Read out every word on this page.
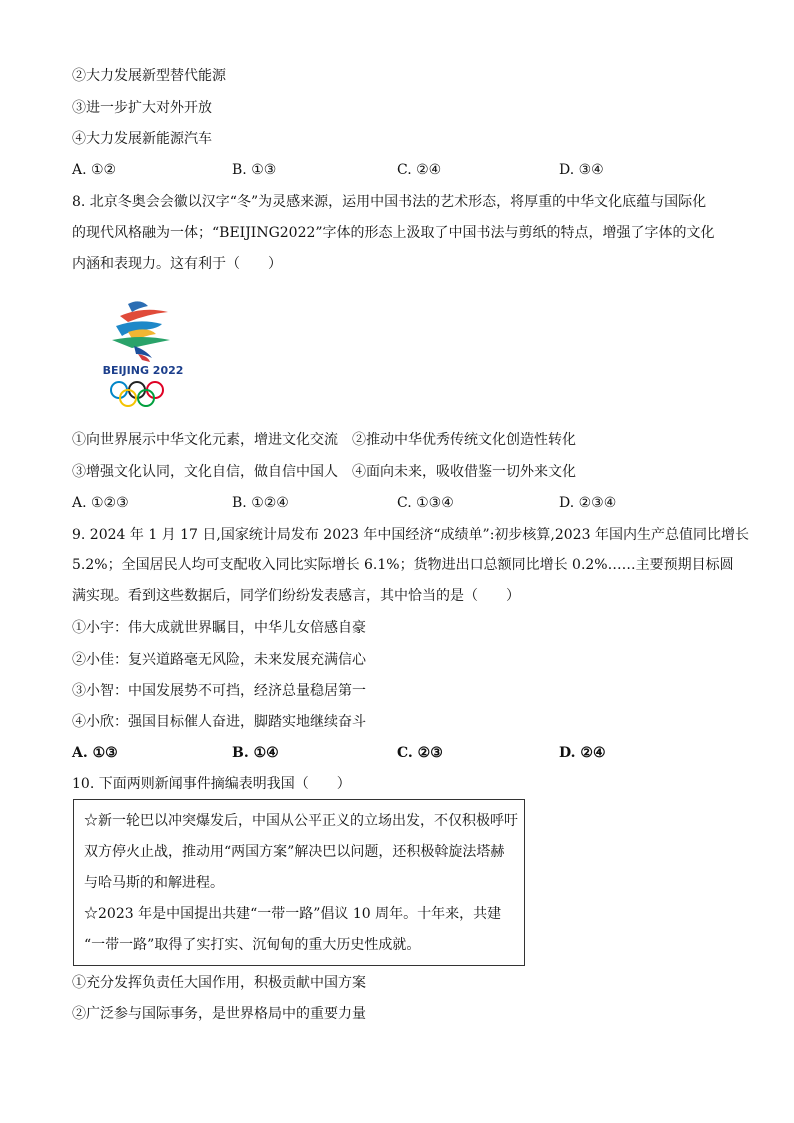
②大力发展新型替代能源
③进一步扩大对外开放
④大力发展新能源汽车
A. ①②	B. ①③	C. ②④	D. ③④
8. 北京冬奥会会徽以汉字“冬”为灵感来源，运用中国书法的艺术形态，将厚重的中华文化底蕴与国际化
的现代风格融为一体；“BEIJING2022”字体的形态上汲取了中国书法与剪纸的特点，增强了字体的文化
内涵和表现力。这有利于（　　）
BEIJING 2022
①向世界展示中华文化元素，增进文化交流　②推动中华优秀传统文化创造性转化
③增强文化认同，文化自信，做自信中国人　④面向未来，吸收借鉴一切外来文化
A. ①②③	B. ①②④	C. ①③④	D. ②③④
9. 2024 年 1 月 17 日,国家统计局发布 2023 年中国经济“成绩单”:初步核算,2023 年国内生产总值同比增长
5.2%；全国居民人均可支配收入同比实际增长 6.1%；货物进出口总额同比增长 0.2%……主要预期目标圆
满实现。看到这些数据后，同学们纷纷发表感言，其中恰当的是（　　）
①小宇：伟大成就世界瞩目，中华儿女倍感自豪
②小佳：复兴道路毫无风险，未来发展充满信心
③小智：中国发展势不可挡，经济总量稳居第一
④小欣：强国目标催人奋进，脚踏实地继续奋斗
A. ①③	B. ①④	C. ②③	D. ②④
10. 下面两则新闻事件摘编表明我国（　　）
☆新一轮巴以冲突爆发后，中国从公平正义的立场出发，不仅积极呼吁
双方停火止战，推动用“两国方案”解决巴以问题，还积极斡旋法塔赫
与哈马斯的和解进程。
☆2023 年是中国提出共建“一带一路”倡议 10 周年。十年来，共建
“一带一路”取得了实打实、沉甸甸的重大历史性成就。
①充分发挥负责任大国作用，积极贡献中国方案
②广泛参与国际事务，是世界格局中的重要力量
